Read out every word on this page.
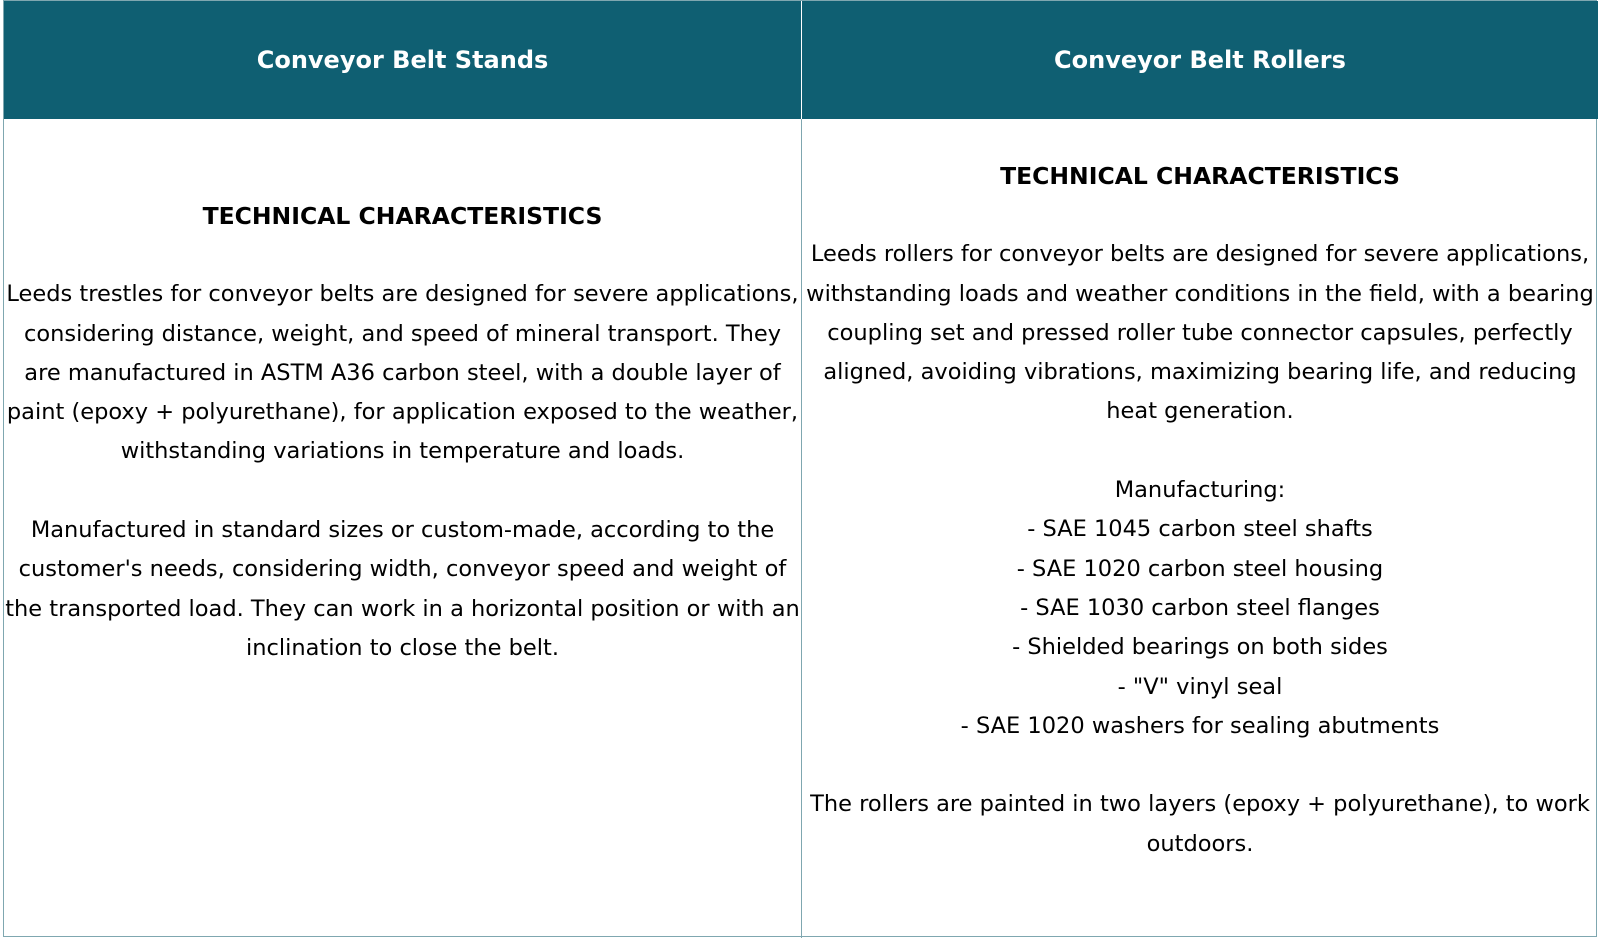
Conveyor Belt Stands	Conveyor Belt Rollers
TECHNICAL CHARACTERISTICS
Leeds trestles for conveyor belts are designed for severe applications, considering distance, weight, and speed of mineral transport. They are manufactured in ASTM A36 carbon steel, with a double layer of paint (epoxy + polyurethane), for application exposed to the weather, withstanding variations in temperature and loads.
Manufactured in standard sizes or custom-made, according to the customer's needs, considering width, conveyor speed and weight of the transported load. They can work in a horizontal position or with an inclination to close the belt.
TECHNICAL CHARACTERISTICS
Leeds rollers for conveyor belts are designed for severe applications, withstanding loads and weather conditions in the field, with a bearing coupling set and pressed roller tube connector capsules, perfectly aligned, avoiding vibrations, maximizing bearing life, and reducing heat generation.
Manufacturing:
- SAE 1045 carbon steel shafts
- SAE 1020 carbon steel housing
- SAE 1030 carbon steel flanges
- Shielded bearings on both sides
- "V" vinyl seal
- SAE 1020 washers for sealing abutments
The rollers are painted in two layers (epoxy + polyurethane), to work outdoors.
